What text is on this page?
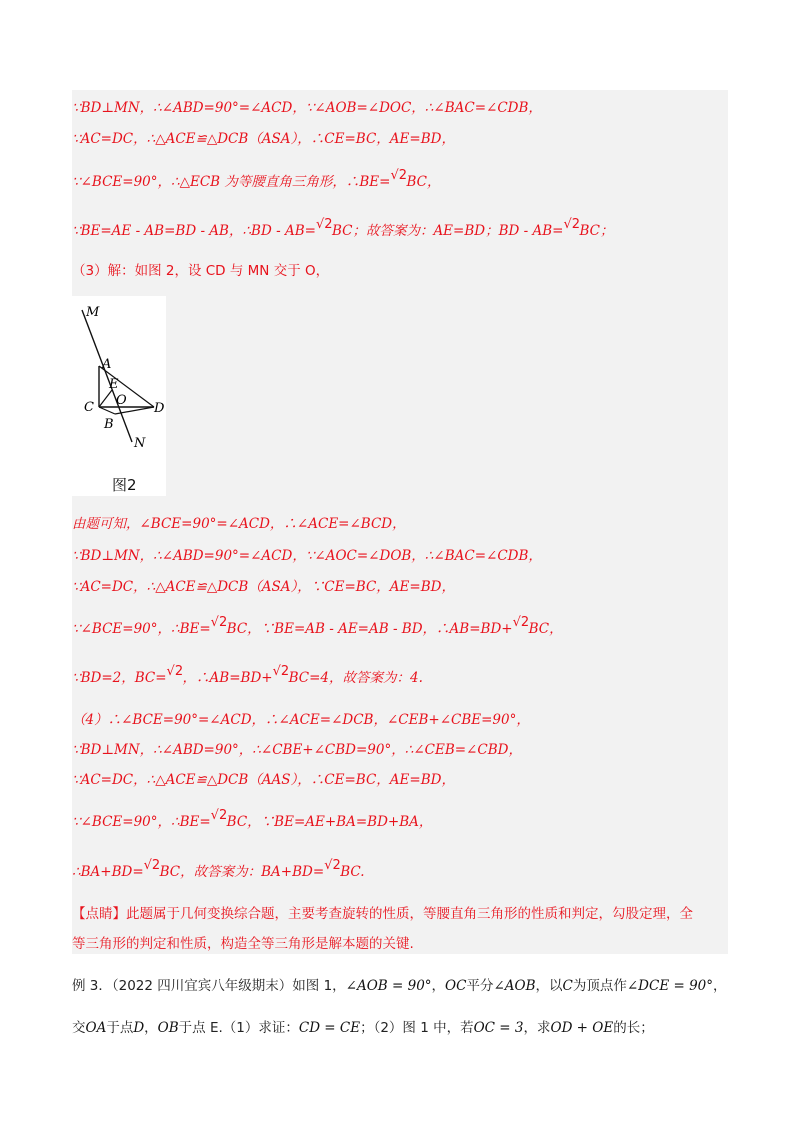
∵BD⊥MN，∴∠ABD=90°=∠ACD，∵∠AOB=∠DOC，∴∠BAC=∠CDB，
∵AC=DC，∴△ACE≌△DCB（ASA），∴CE=BC，AE=BD，
∵∠BCE=90°，∴△ECB 为等腰直角三角形，∴BE= √2 BC，
∵BE=AE - AB=BD - AB，∴BD - AB= √2 BC；故答案为：AE=BD；BD - AB= √2 BC；
（3）解：如图 2，设 CD 与 MN 交于 O，
M
A
E
O
C	D
B
N
图2
由题可知，∠BCE=90°=∠ACD，∴∠ACE=∠BCD，
∵BD⊥MN，∴∠ABD=90°=∠ACD，∵∠AOC=∠DOB，∴∠BAC=∠CDB，
∵AC=DC，∴△ACE≌△DCB（ASA），∵CE=BC，AE=BD，
∵∠BCE=90°，∴BE= √2 BC，∵BE=AB - AE=AB - BD，∴AB=BD+ √2 BC，
∵BD=2，BC= √2 ，∴AB=BD+ √2 BC=4，故答案为：4.
（4）∴∠BCE=90°=∠ACD，∴∠ACE=∠DCB，∠CEB+∠CBE=90°，
∵BD⊥MN，∴∠ABD=90°，∴∠CBE+∠CBD=90°，∴∠CEB=∠CBD，
∵AC=DC，∴△ACE≌△DCB（AAS），∴CE=BC，AE=BD，
∵∠BCE=90°，∴BE= √2 BC，∵BE=AE+BA=BD+BA，
∴BA+BD= √2 BC，故答案为：BA+BD= √2 BC.
【点睛】此题属于几何变换综合题，主要考查旋转的性质，等腰直角三角形的性质和判定，勾股定理，全
等三角形的判定和性质，构造全等三角形是解本题的关键.
例 3．（2022 四川宜宾八年级期末）如图 1，∠AOB = 90°，OC平分∠AOB，以C为顶点作∠DCE = 90°，
交OA于点D，OB于点 E.（1）求证：CD = CE；（2）图 1 中，若OC = 3，求OD + OE的长；
